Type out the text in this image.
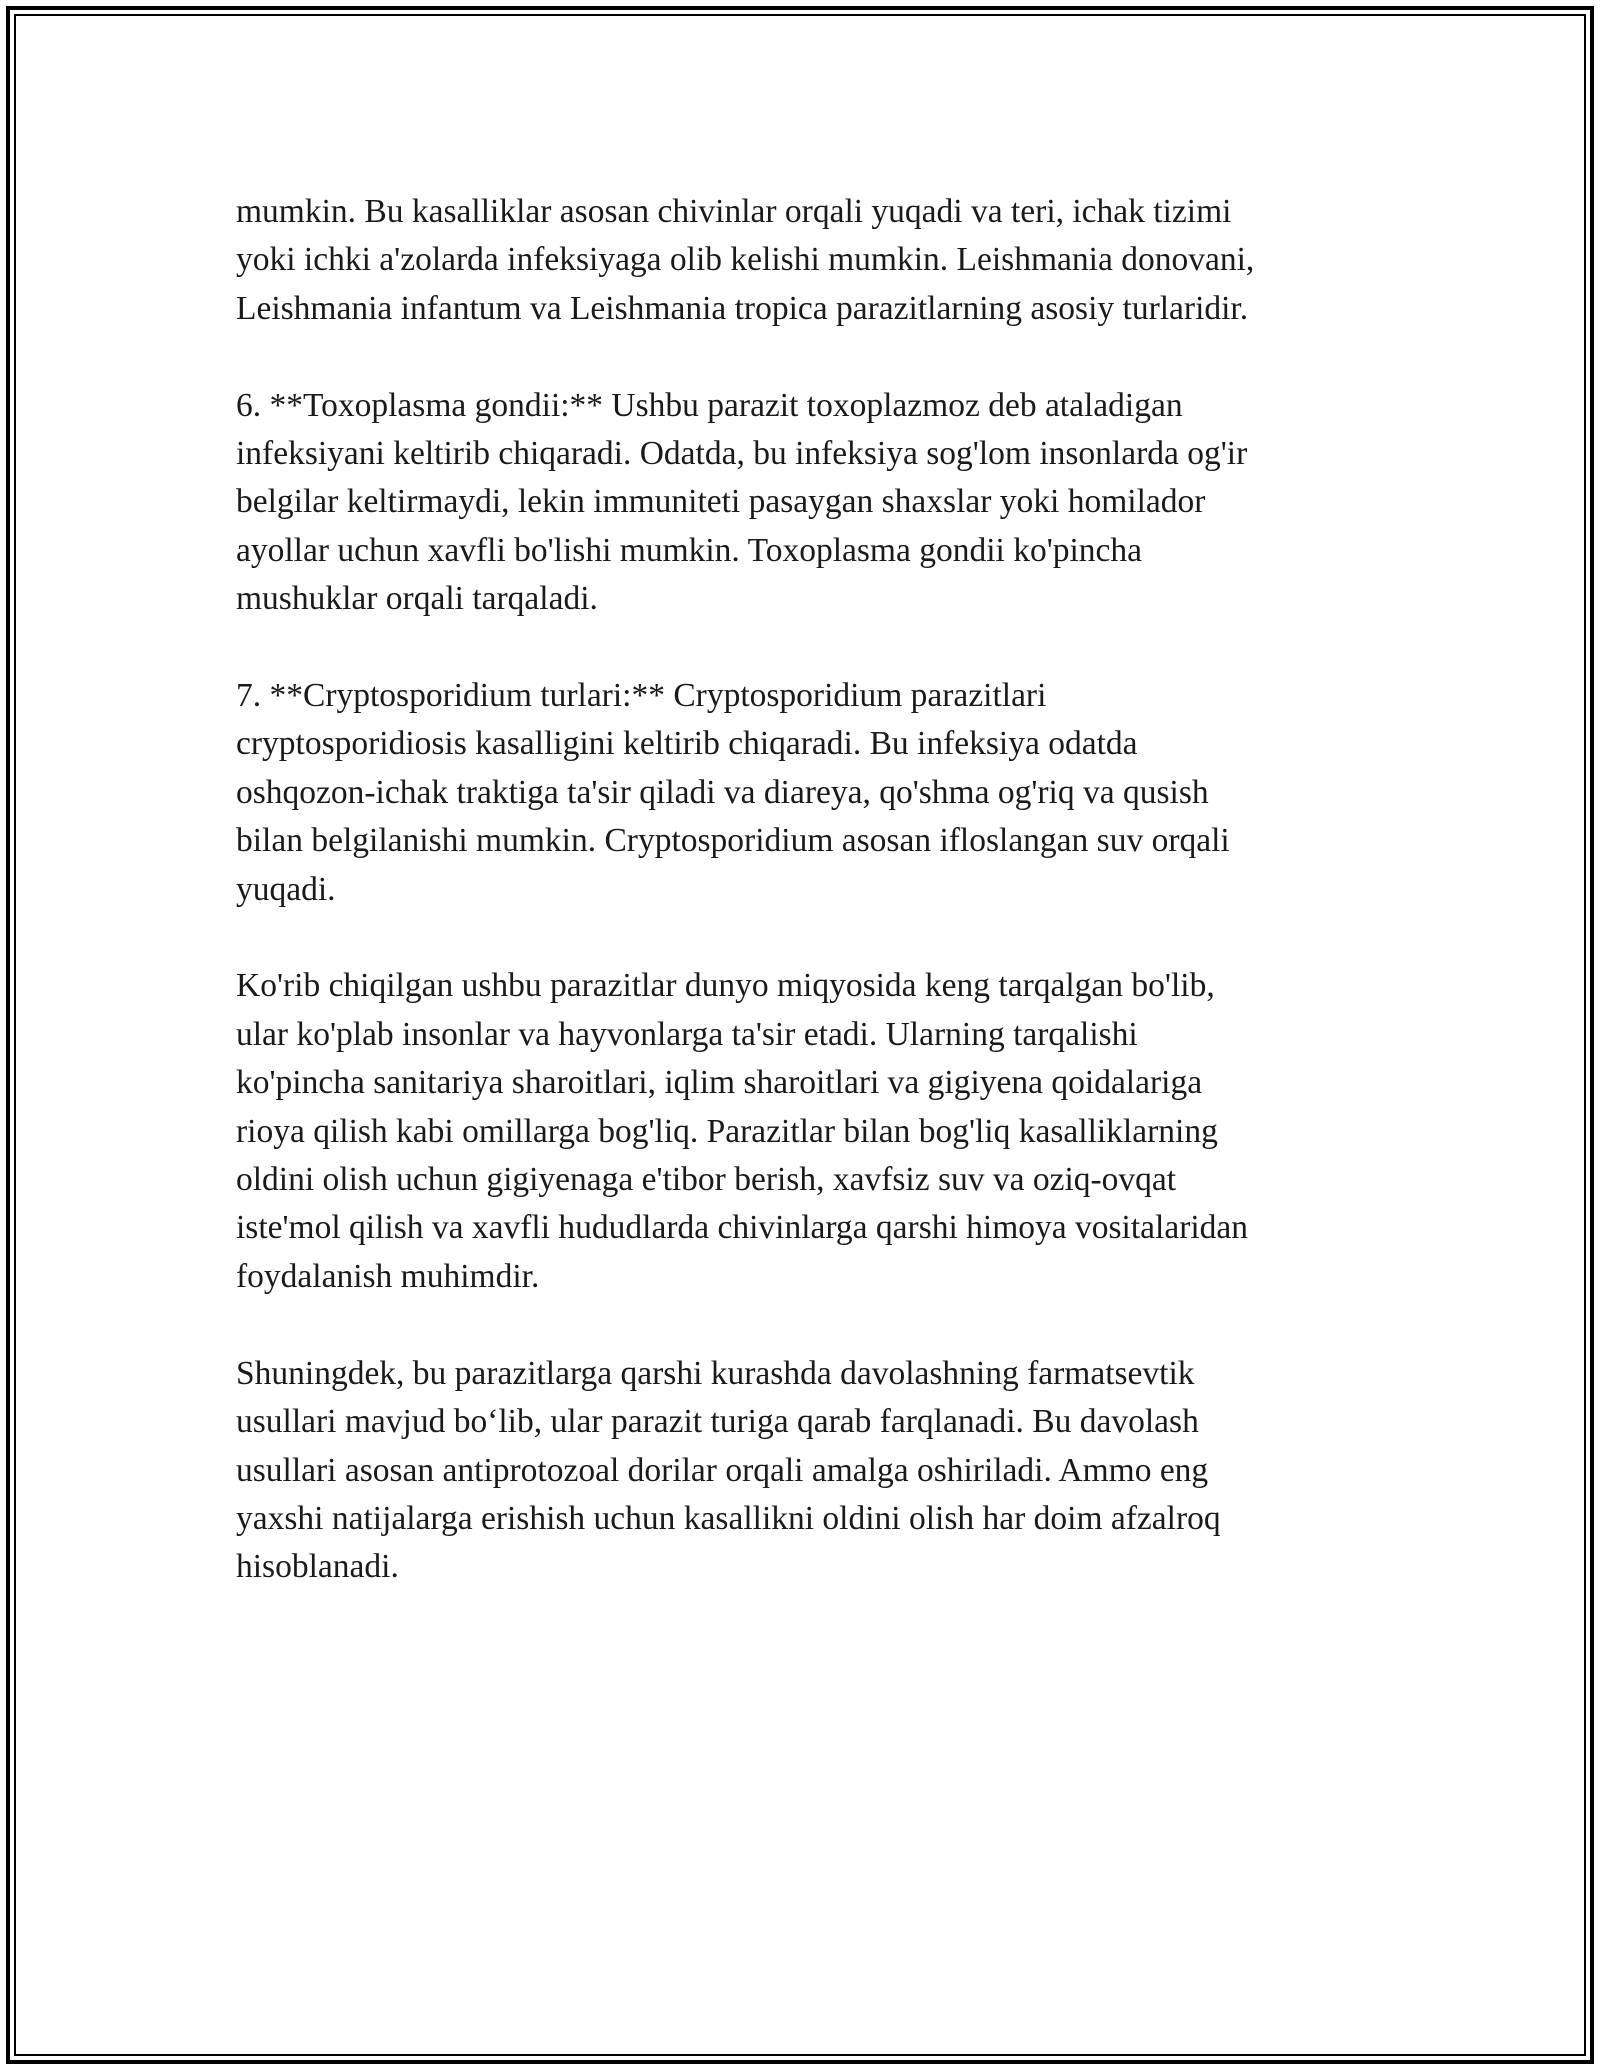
mumkin. Bu kasalliklar asosan chivinlar orqali yuqadi va teri, ichak tizimi
yoki ichki a'zolarda infeksiyaga olib kelishi mumkin. Leishmania donovani,
Leishmania infantum va Leishmania tropica parazitlarning asosiy turlaridir.

6. **Toxoplasma gondii:** Ushbu parazit toxoplazmoz deb ataladigan
infeksiyani keltirib chiqaradi. Odatda, bu infeksiya sog'lom insonlarda og'ir
belgilar keltirmaydi, lekin immuniteti pasaygan shaxslar yoki homilador
ayollar uchun xavfli bo'lishi mumkin. Toxoplasma gondii ko'pincha
mushuklar orqali tarqaladi.

7. **Cryptosporidium turlari:** Cryptosporidium parazitlari
cryptosporidiosis kasalligini keltirib chiqaradi. Bu infeksiya odatda
oshqozon-ichak traktiga ta'sir qiladi va diareya, qo'shma og'riq va qusish
bilan belgilanishi mumkin. Cryptosporidium asosan ifloslangan suv orqali
yuqadi.

Ko'rib chiqilgan ushbu parazitlar dunyo miqyosida keng tarqalgan bo'lib,
ular ko'plab insonlar va hayvonlarga ta'sir etadi. Ularning tarqalishi
ko'pincha sanitariya sharoitlari, iqlim sharoitlari va gigiyena qoidalariga
rioya qilish kabi omillarga bog'liq. Parazitlar bilan bog'liq kasalliklarning
oldini olish uchun gigiyenaga e'tibor berish, xavfsiz suv va oziq-ovqat
iste'mol qilish va xavfli hududlarda chivinlarga qarshi himoya vositalaridan
foydalanish muhimdir.

Shuningdek, bu parazitlarga qarshi kurashda davolashning farmatsevtik
usullari mavjud bo‘lib, ular parazit turiga qarab farqlanadi. Bu davolash
usullari asosan antiprotozoal dorilar orqali amalga oshiriladi. Ammo eng
yaxshi natijalarga erishish uchun kasallikni oldini olish har doim afzalroq
hisoblanadi.
